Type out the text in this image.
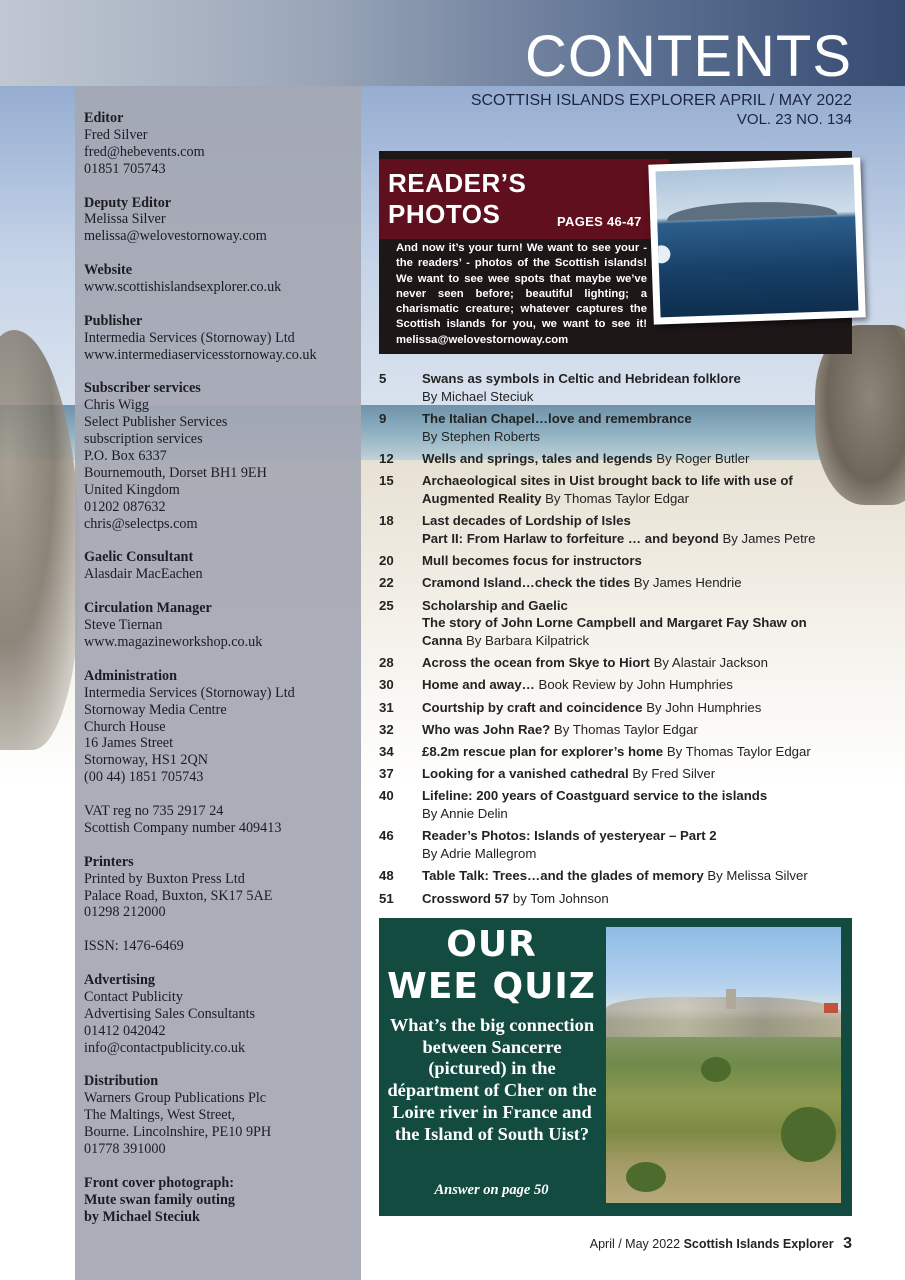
CONTENTS
SCOTTISH ISLANDS EXPLORER APRIL / MAY 2022
VOL. 23 NO. 134
Editor
Fred Silver
fred@hebevents.com
01851 705743
Deputy Editor
Melissa Silver
melissa@welovestornoway.com
Website
www.scottishislandsexplorer.co.uk
Publisher
Intermedia Services (Stornoway) Ltd
www.intermediaservicesstornoway.co.uk
Subscriber services
Chris Wigg
Select Publisher Services
subscription services
P.O. Box 6337
Bournemouth, Dorset BH1 9EH
United Kingdom
01202 087632
chris@selectps.com
Gaelic Consultant
Alasdair MacEachen
Circulation Manager
Steve Tiernan
www.magazineworkshop.co.uk
Administration
Intermedia Services (Stornoway) Ltd
Stornoway Media Centre
Church House
16 James Street
Stornoway, HS1 2QN
(00 44) 1851 705743
VAT reg no 735 2917 24
Scottish Company number 409413
Printers
Printed by Buxton Press Ltd
Palace Road, Buxton, SK17 5AE
01298 212000
ISSN: 1476-6469
Advertising
Contact Publicity
Advertising Sales Consultants
01412 042042
info@contactpublicity.co.uk
Distribution
Warners Group Publications Plc
The Maltings, West Street,
Bourne. Lincolnshire, PE10 9PH
01778 391000
Front cover photograph:
Mute swan family outing
by Michael Steciuk
READER’S
PHOTOS	PAGES 46-47
And now it’s your turn! We want to see your - the readers’ - photos of the Scottish islands! We want to see wee spots that maybe we’ve never seen before; beautiful lighting; a charismatic creature; whatever captures the Scottish islands for you, we want to see it! melissa@welovestornoway.com
5	Swans as symbols in Celtic and Hebridean folklore
By Michael Steciuk
9	The Italian Chapel…love and remembrance
By Stephen Roberts
12 Wells and springs, tales and legends By Roger Butler
15 Archaeological sites in Uist brought back to life with use of Augmented Reality By Thomas Taylor Edgar
18 Last decades of Lordship of Isles
Part II: From Harlaw to forfeiture … and beyond By James Petre
20 Mull becomes focus for instructors
22 Cramond Island…check the tides By James Hendrie
25 Scholarship and Gaelic
The story of John Lorne Campbell and Margaret Fay Shaw on Canna By Barbara Kilpatrick
28 Across the ocean from Skye to Hiort By Alastair Jackson
30 Home and away… Book Review by John Humphries
31 Courtship by craft and coincidence By John Humphries
32 Who was John Rae? By Thomas Taylor Edgar
34 £8.2m rescue plan for explorer’s home By Thomas Taylor Edgar
37 Looking for a vanished cathedral By Fred Silver
40 Lifeline: 200 years of Coastguard service to the islands
By Annie Delin
46 Reader’s Photos: Islands of yesteryear – Part 2
By Adrie Mallegrom
48 Table Talk: Trees…and the glades of memory By Melissa Silver
51 Crossword 57 by Tom Johnson
OUR
WEE QUIZ
What’s the big connection between Sancerre (pictured) in the départment of Cher on the Loire river in France and the Island of South Uist?
Answer on page 50
April / May 2022 Scottish Islands Explorer 3
